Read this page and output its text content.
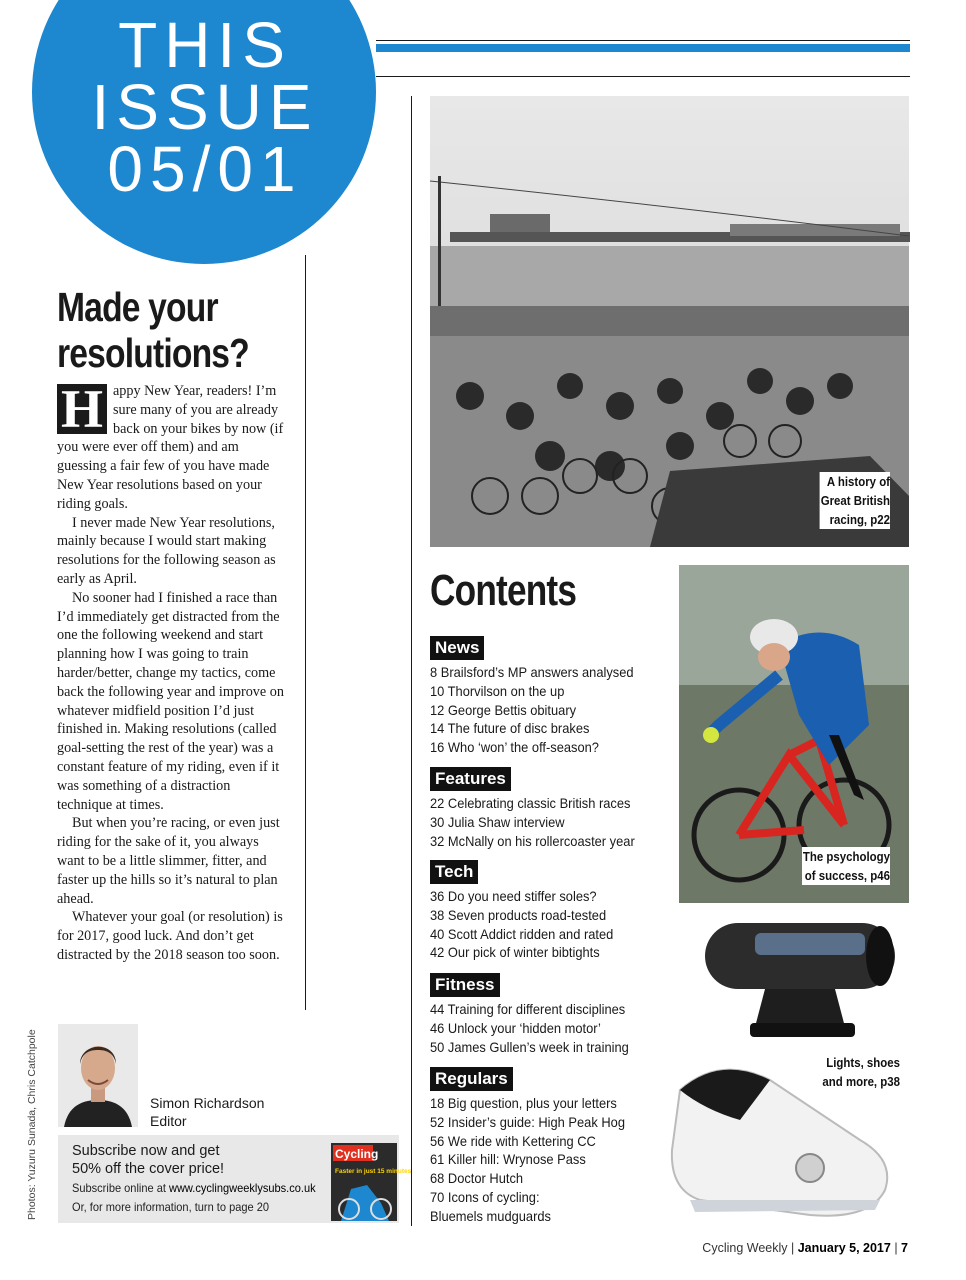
THIS
ISSUE
05/01
Made your
resolutions?

H appy New Year, readers! I’m sure many of you are already back on your bikes by now (if you were ever off them) and am guessing a fair few of you have made New Year resolutions based on your riding goals.

I never made New Year resolutions, mainly because I would start making resolutions for the following season as early as April.

No sooner had I finished a race than I’d immediately get distracted from the one the following weekend and start planning how I was going to train harder/better, change my tactics, come back the following year and improve on whatever midfield position I’d just finished in. Making resolutions (called goal-setting the rest of the year) was a constant feature of my riding, even if it was something of a distraction technique at times.

But when you’re racing, or even just riding for the sake of it, you always want to be a little slimmer, fitter, and faster up the hills so it’s natural to plan ahead.

Whatever your goal (or resolution) is for 2017, good luck. And don’t get distracted by the 2018 season too soon.

Photos: Yuzuru Sunada, Chris Catchpole	Simon Richardson
Editor
Subscribe now and get
50% off the cover price!
Subscribe online at www.cyclingweeklysubs.co.uk
Or, for more information, turn to page 20
Cycling
Faster in just 15 minutes
A history of
Great British
racing, p22
The psychology
of success, p46
Lights, shoes
and more, p38
Contents
News
8 Brailsford’s MP answers analysed
10 Thorvilson on the up
12 George Bettis obituary
14 The future of disc brakes
16 Who ‘won’ the off-season?
Features
22 Celebrating classic British races
30 Julia Shaw interview
32 McNally on his rollercoaster year
Tech
36 Do you need stiffer soles?
38 Seven products road-tested
40 Scott Addict ridden and rated
42 Our pick of winter bibtights
Fitness
44 Training for different disciplines
46 Unlock your ‘hidden motor’
50 James Gullen’s week in training
Regulars
18 Big question, plus your letters
52 Insider’s guide: High Peak Hog
56 We ride with Kettering CC
61 Killer hill: Wrynose Pass
68 Doctor Hutch
70 Icons of cycling:
Bluemels mudguards
Cycling Weekly | January 5, 2017 | 7
